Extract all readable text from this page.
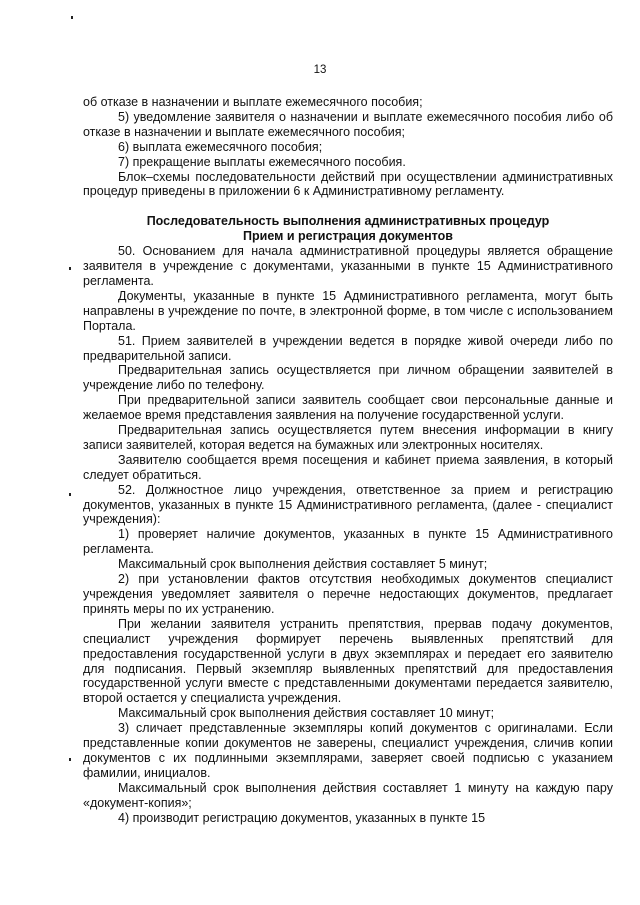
13

об отказе в назначении и выплате ежемесячного пособия;

5) уведомление заявителя о назначении и выплате ежемесячного пособия либо об отказе в назначении и выплате ежемесячного пособия;

6) выплата ежемесячного пособия;

7) прекращение выплаты ежемесячного пособия.

Блок–схемы последовательности действий при осуществлении административных процедур приведены в приложении 6 к Административному регламенту.

Последовательность выполнения административных процедур

Прием и регистрация документов

50. Основанием для начала административной процедуры является обращение заявителя в учреждение с документами, указанными в пункте 15 Административного регламента.

Документы, указанные в пункте 15 Административного регламента, могут быть направлены в учреждение по почте, в электронной форме, в том числе с использованием Портала.

51. Прием заявителей в учреждении ведется в порядке живой очереди либо по предварительной записи.

Предварительная запись осуществляется при личном обращении заявителей в учреждение либо по телефону.

При предварительной записи заявитель сообщает свои персональные данные и желаемое время представления заявления на получение государственной услуги.

Предварительная запись осуществляется путем внесения информации в книгу записи заявителей, которая ведется на бумажных или электронных носителях.

Заявителю сообщается время посещения и кабинет приема заявления, в который следует обратиться.

52. Должностное лицо учреждения, ответственное за прием и регистрацию документов, указанных в пункте 15 Административного регламента, (далее - специалист учреждения):

1) проверяет наличие документов, указанных в пункте 15 Административного регламента.

Максимальный срок выполнения действия составляет 5 минут;

2) при установлении фактов отсутствия необходимых документов специалист учреждения уведомляет заявителя о перечне недостающих документов, предлагает принять меры по их устранению.

При желании заявителя устранить препятствия, прервав подачу документов, специалист учреждения формирует перечень выявленных препятствий для предоставления государственной услуги в двух экземплярах и передает его заявителю для подписания. Первый экземпляр выявленных препятствий для предоставления государственной услуги вместе с представленными документами передается заявителю, второй остается у специалиста учреждения.

Максимальный срок выполнения действия составляет 10 минут;

3) сличает представленные экземпляры копий документов с оригиналами. Если представленные копии документов не заверены, специалист учреждения, сличив копии документов с их подлинными экземплярами, заверяет своей подписью с указанием фамилии, инициалов.

Максимальный срок выполнения действия составляет 1 минуту на каждую пару «документ-копия»;

4) производит регистрацию документов, указанных в пункте 15
